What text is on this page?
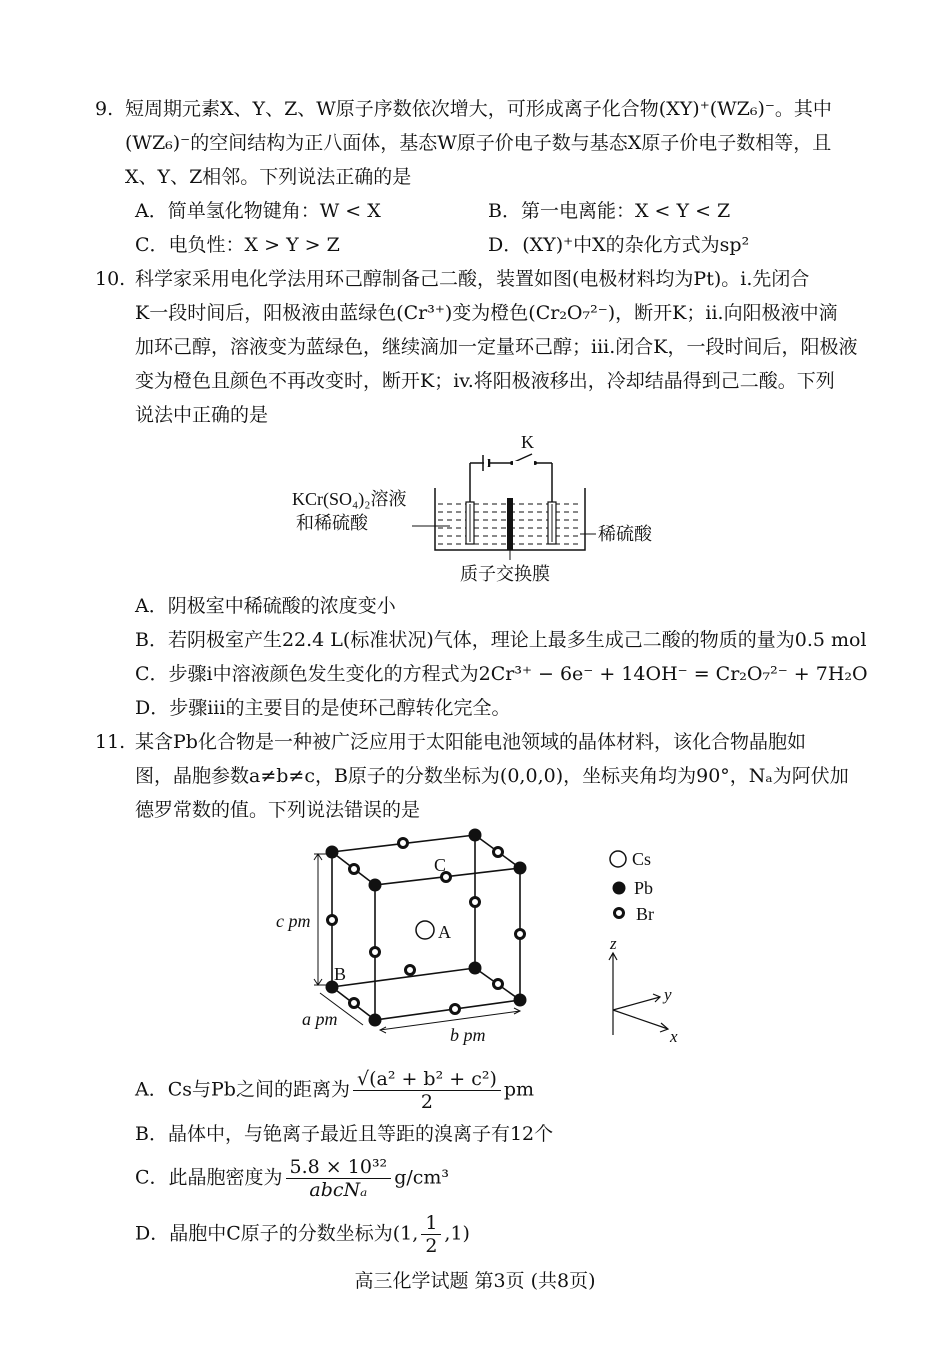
9. 短周期元素X、Y、Z、W原子序数依次增大，可形成离子化合物(XY)⁺(WZ₆)⁻。其中
(WZ₆)⁻的空间结构为正八面体，基态W原子价电子数与基态X原子价电子数相等，且
X、Y、Z相邻。下列说法正确的是
A．简单氢化物键角：W < X	B．第一电离能：X < Y < Z
C．电负性：X > Y > Z	D．(XY)⁺中X的杂化方式为sp²
10. 科学家采用电化学法用环己醇制备己二酸，装置如图(电极材料均为Pt)。i.先闭合
K一段时间后，阳极液由蓝绿色(Cr³⁺)变为橙色(Cr₂O₇²⁻)，断开K；ii.向阳极液中滴
加环己醇，溶液变为蓝绿色，继续滴加一定量环己醇；iii.闭合K，一段时间后，阳极液
变为橙色且颜色不再改变时，断开K；iv.将阳极液移出，冷却结晶得到己二酸。下列
说法中正确的是
K
KCr(SO₄)₂溶液
和稀硫酸
稀硫酸
质子交换膜
A．阴极室中稀硫酸的浓度变小
B．若阴极室产生22.4 L(标准状况)气体，理论上最多生成己二酸的物质的量为0.5 mol
C．步骤i中溶液颜色发生变化的方程式为2Cr³⁺ − 6e⁻ + 14OH⁻ = Cr₂O₇²⁻ + 7H₂O
D．步骤iii的主要目的是使环己醇转化完全。
11. 某含Pb化合物是一种被广泛应用于太阳能电池领域的晶体材料，该化合物晶胞如
图，晶胞参数a≠b≠c，B原子的分数坐标为(0,0,0)，坐标夹角均为90°，Nₐ为阿伏加
德罗常数的值。下列说法错误的是
A
B
C
c pm
a pm
b pm
Cs
Pb
Br
z
y
x
A．Cs与Pb之间的距离为 $\frac{\text{√(a² + b² + c²)}}{2}$ pm
B．晶体中，与铯离子最近且等距的溴离子有12个
C．此晶胞密度为 $\frac{\text{5.8 × 10³²}}{\text{abcNₐ}} g/cm^3$
D．晶胞中C原子的分数坐标为(1, $\frac{1}{2} ,1$)
高三化学试题 第3页 (共8页)
